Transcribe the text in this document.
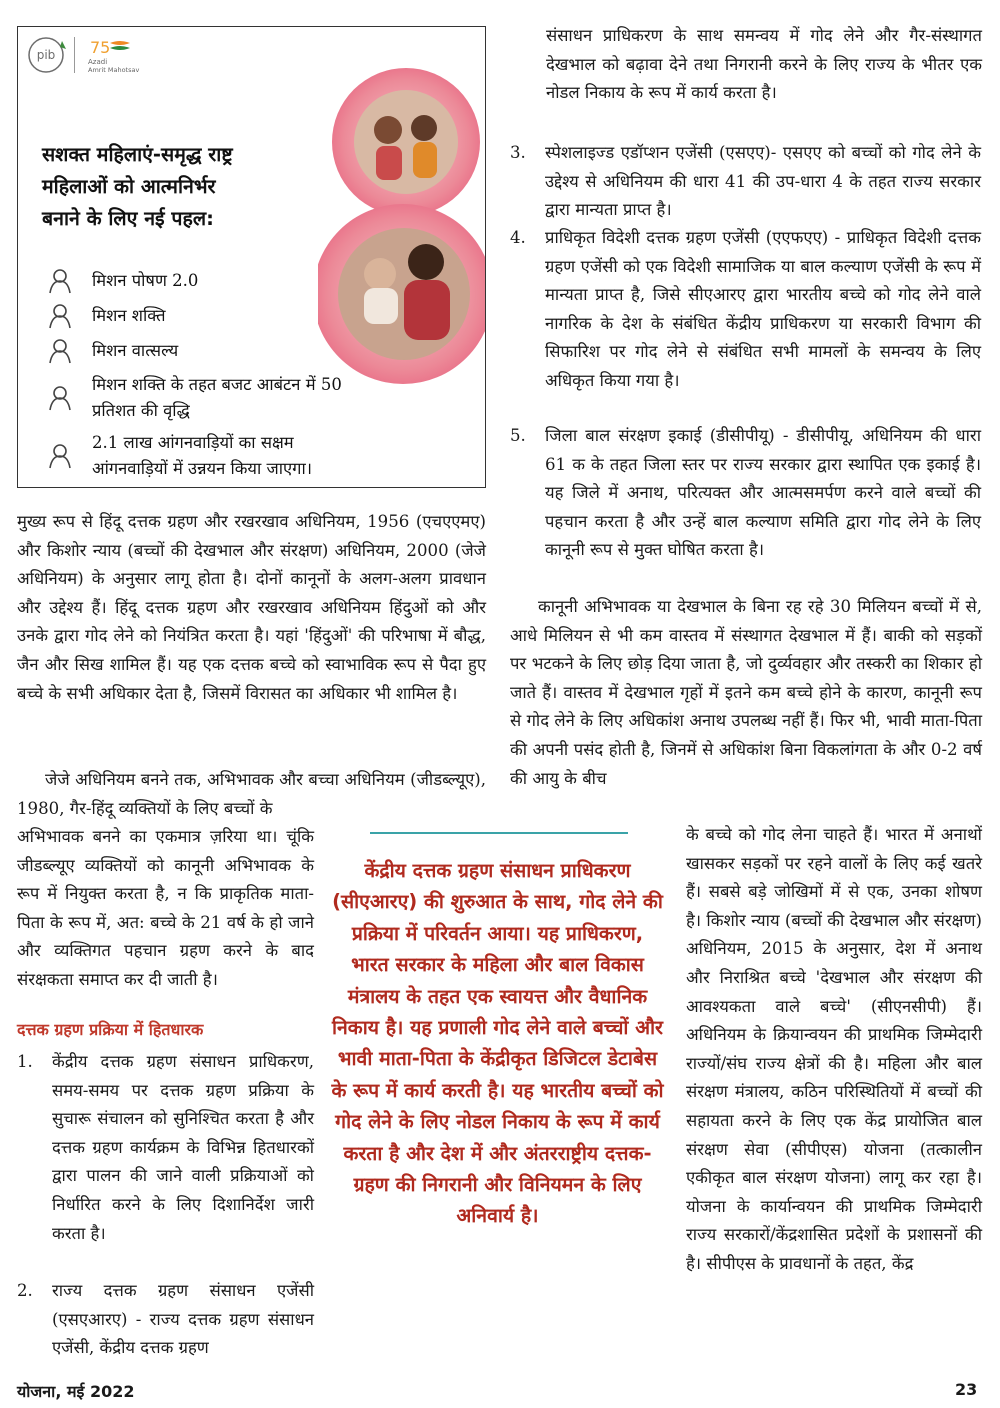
pib 75
Azadi
Amrit Mahotsav
सशक्त महिलाएं-समृद्ध राष्ट्र
महिलाओं को आत्मनिर्भर
बनाने के लिए नई पहल:
मिशन पोषण 2.0
मिशन शक्ति
मिशन वात्सल्य
मिशन शक्ति के तहत बजट आबंटन में 50 प्रतिशत की वृद्धि
2.1 लाख आंगनवाड़ियों का सक्षम आंगनवाड़ियों में उन्नयन किया जाएगा।

मुख्य रूप से हिंदू दत्तक ग्रहण और रखरखाव अधिनियम, 1956 (एचएएमए) और किशोर न्याय (बच्चों की देखभाल और संरक्षण) अधिनियम, 2000 (जेजे अधिनियम) के अनुसार लागू होता है। दोनों कानूनों के अलग-अलग प्रावधान और उद्देश्य हैं। हिंदू दत्तक ग्रहण और रखरखाव अधिनियम हिंदुओं को और उनके द्वारा गोद लेने को नियंत्रित करता है। यहां 'हिंदुओं' की परिभाषा में बौद्ध, जैन और सिख शामिल हैं। यह एक दत्तक बच्चे को स्वाभाविक रूप से पैदा हुए बच्चे के सभी अधिकार देता है, जिसमें विरासत का अधिकार भी शामिल है।

जेजे अधिनियम बनने तक, अभिभावक और बच्चा अधिनियम (जीडब्ल्यूए), 1980, गैर-हिंदू व्यक्तियों के लिए बच्चों के

अभिभावक बनने का एकमात्र ज़रिया था। चूंकि जीडब्ल्यूए व्यक्तियों को कानूनी अभिभावक के रूप में नियुक्त करता है, न कि प्राकृतिक माता-पिता के रूप में, अत: बच्चे के 21 वर्ष के हो जाने और व्यक्तिगत पहचान ग्रहण करने के बाद संरक्षकता समाप्त कर दी जाती है।

दत्तक ग्रहण प्रक्रिया में हितधारक

1.	केंद्रीय दत्तक ग्रहण संसाधन प्राधिकरण, समय-समय पर दत्तक ग्रहण प्रक्रिया के सुचारू संचालन को सुनिश्चित करता है और दत्तक ग्रहण कार्यक्रम के विभिन्न हितधारकों द्वारा पालन की जाने वाली प्रक्रियाओं को निर्धारित करने के लिए दिशानिर्देश जारी करता है।

2.	राज्य दत्तक ग्रहण संसाधन एजेंसी (एसएआरए) - राज्य दत्तक ग्रहण संसाधन एजेंसी, केंद्रीय दत्तक ग्रहण

केंद्रीय दत्तक ग्रहण संसाधन प्राधिकरण (सीएआरए) की शुरुआत के साथ, गोद लेने की प्रक्रिया में परिवर्तन आया। यह प्राधिकरण, भारत सरकार के महिला और बाल विकास मंत्रालय के तहत एक स्वायत्त और वैधानिक निकाय है। यह प्रणाली गोद लेने वाले बच्चों और भावी माता-पिता के केंद्रीकृत डिजिटल डेटाबेस के रूप में कार्य करती है। यह भारतीय बच्चों को गोद लेने के लिए नोडल निकाय के रूप में कार्य करता है और देश में और अंतरराष्ट्रीय दत्तक-ग्रहण की निगरानी और विनियमन के लिए अनिवार्य है।

संसाधन प्राधिकरण के साथ समन्वय में गोद लेने और गैर-संस्थागत देखभाल को बढ़ावा देने तथा निगरानी करने के लिए राज्य के भीतर एक नोडल निकाय के रूप में कार्य करता है।

3.	स्पेशलाइज्ड एडॉप्शन एजेंसी (एसएए)- एसएए को बच्चों को गोद लेने के उद्देश्य से अधिनियम की धारा 41 की उप-धारा 4 के तहत राज्य सरकार द्वारा मान्यता प्राप्त है।

4.	प्राधिकृत विदेशी दत्तक ग्रहण एजेंसी (एएफएए) - प्राधिकृत विदेशी दत्तक ग्रहण एजेंसी को एक विदेशी सामाजिक या बाल कल्याण एजेंसी के रूप में मान्यता प्राप्त है, जिसे सीएआरए द्वारा भारतीय बच्चे को गोद लेने वाले नागरिक के देश के संबंधित केंद्रीय प्राधिकरण या सरकारी विभाग की सिफारिश पर गोद लेने से संबंधित सभी मामलों के समन्वय के लिए अधिकृत किया गया है।

5.	जिला बाल संरक्षण इकाई (डीसीपीयू) - डीसीपीयू, अधिनियम की धारा 61 क के तहत जिला स्तर पर राज्य सरकार द्वारा स्थापित एक इकाई है। यह जिले में अनाथ, परित्यक्त और आत्मसमर्पण करने वाले बच्चों की पहचान करता है और उन्हें बाल कल्याण समिति द्वारा गोद लेने के लिए कानूनी रूप से मुक्त घोषित करता है।

कानूनी अभिभावक या देखभाल के बिना रह रहे 30 मिलियन बच्चों में से, आधे मिलियन से भी कम वास्तव में संस्थागत देखभाल में हैं। बाकी को सड़कों पर भटकने के लिए छोड़ दिया जाता है, जो दुर्व्यवहार और तस्करी का शिकार हो जाते हैं। वास्तव में देखभाल गृहों में इतने कम बच्चे होने के कारण, कानूनी रूप से गोद लेने के लिए अधिकांश अनाथ उपलब्ध नहीं हैं। फिर भी, भावी माता-पिता की अपनी पसंद होती है, जिनमें से अधिकांश बिना विकलांगता के और 0-2 वर्ष की आयु के बीच

के बच्चे को गोद लेना चाहते हैं। भारत में अनाथों खासकर सड़कों पर रहने वालों के लिए कई खतरे हैं। सबसे बड़े जोखिमों में से एक, उनका शोषण है। किशोर न्याय (बच्चों की देखभाल और संरक्षण) अधिनियम, 2015 के अनुसार, देश में अनाथ और निराश्रित बच्चे 'देखभाल और संरक्षण की आवश्यकता वाले बच्चे' (सीएनसीपी) हैं। अधिनियम के क्रियान्वयन की प्राथमिक जिम्मेदारी राज्यों/संघ राज्य क्षेत्रों की है। महिला और बाल संरक्षण मंत्रालय, कठिन परिस्थितियों में बच्चों की सहायता करने के लिए एक केंद्र प्रायोजित बाल संरक्षण सेवा (सीपीएस) योजना (तत्कालीन एकीकृत बाल संरक्षण योजना) लागू कर रहा है। योजना के कार्यान्वयन की प्राथमिक जिम्मेदारी राज्य सरकारों/केंद्रशासित प्रदेशों के प्रशासनों की है। सीपीएस के प्रावधानों के तहत, केंद्र

योजना, मई 2022	23
